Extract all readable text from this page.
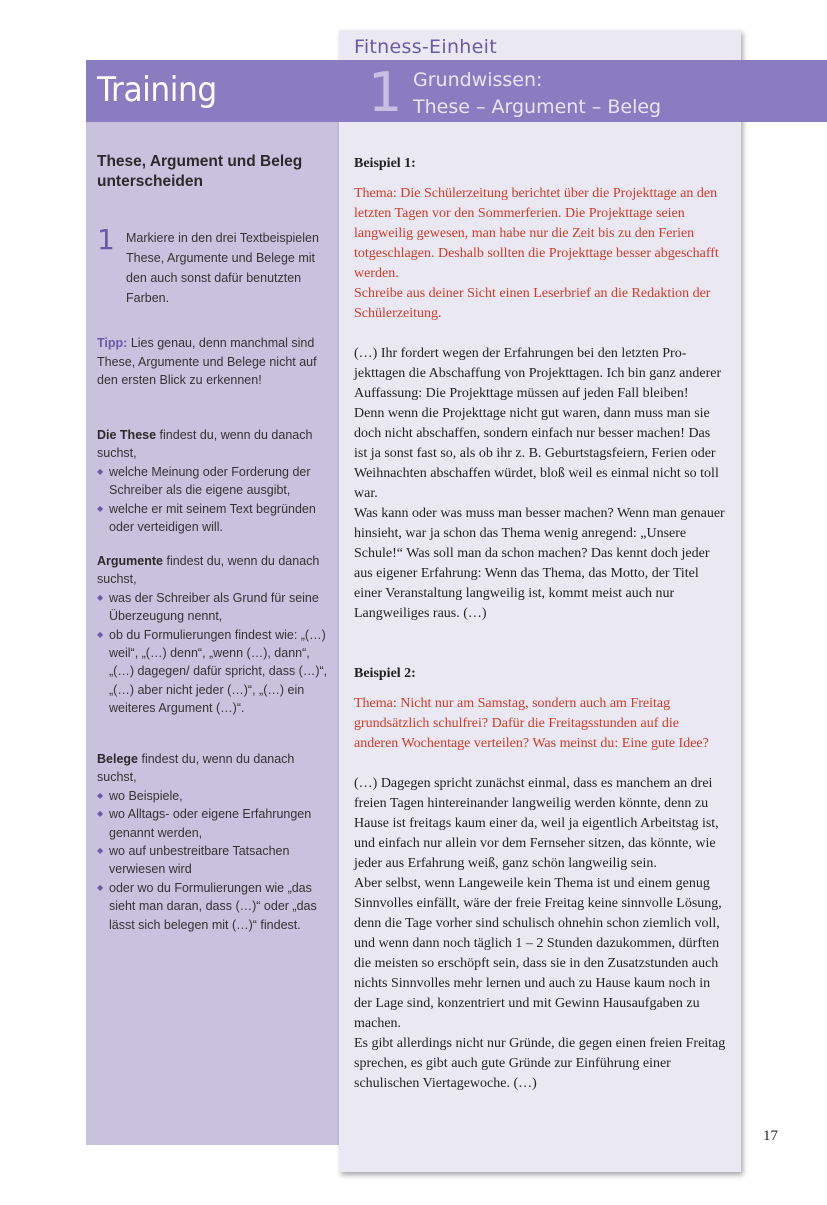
Fitness-Einheit
Training	1 Grundwissen:
These – Argument – Beleg
These, Argument und Beleg unterscheiden
1 Markiere in den drei Textbeispielen These, Argumente und Belege mit den auch sonst dafür benutzten Farben.
Tipp: Lies genau, denn manchmal sind These, Argumente und Belege nicht auf den ersten Blick zu erkennen!
Die These findest du, wenn du danach suchst,
◆ welche Meinung oder Forderung der Schreiber als die eigene ausgibt,
◆ welche er mit seinem Text begründen oder verteidigen will.
Argumente findest du, wenn du danach suchst,
◆ was der Schreiber als Grund für seine Überzeugung nennt,
◆ ob du Formulierungen findest wie: „(…) weil“, „(…) denn“, „wenn (…), dann“, „(…) dagegen/ dafür spricht, dass (…)“, „(…) aber nicht jeder (…)“, „(…) ein weiteres Argument (…)“.
Belege findest du, wenn du danach suchst,
◆ wo Beispiele,
◆ wo Alltags- oder eigene Erfahrungen genannt werden,
◆ wo auf unbestreitbare Tatsachen verwiesen wird
◆ oder wo du Formulierungen wie „das sieht man daran, dass (…)“ oder „das lässt sich belegen mit (…)“ findest.

Beispiel 1:

Thema: Die Schülerzeitung berichtet über die Projekttage an den letzten Tagen vor den Sommerferien. Die Projekttage seien langweilig gewesen, man habe nur die Zeit bis zu den Ferien totgeschlagen. Deshalb sollten die Projekttage besser abgeschafft werden.

Schreibe aus deiner Sicht einen Leserbrief an die Redaktion der Schülerzeitung.

(…) Ihr fordert wegen der Erfahrungen bei den letzten Projekttagen die Abschaffung von Projekttagen. Ich bin ganz anderer Auffassung: Die Projekttage müssen auf jeden Fall bleiben!

Denn wenn die Projekttage nicht gut waren, dann muss man sie doch nicht abschaffen, sondern einfach nur besser machen! Das ist ja sonst fast so, als ob ihr z. B. Geburtstagsfeiern, Ferien oder Weihnachten abschaffen würdet, bloß weil es einmal nicht so toll war.

Was kann oder was muss man besser machen? Wenn man genauer hinsieht, war ja schon das Thema wenig anregend: „Unsere Schule!“ Was soll man da schon machen? Das kennt doch jeder aus eigener Erfahrung: Wenn das Thema, das Motto, der Titel einer Veranstaltung langweilig ist, kommt meist auch nur Langweiliges raus. (…)

Beispiel 2:

Thema: Nicht nur am Samstag, sondern auch am Freitag grundsätzlich schulfrei? Dafür die Freitagsstunden auf die anderen Wochentage verteilen? Was meinst du: Eine gute Idee?

(…) Dagegen spricht zunächst einmal, dass es manchem an drei freien Tagen hintereinander langweilig werden könnte, denn zu Hause ist freitags kaum einer da, weil ja eigentlich Arbeitstag ist, und einfach nur allein vor dem Fernseher sitzen, das könnte, wie jeder aus Erfahrung weiß, ganz schön langweilig sein.

Aber selbst, wenn Langeweile kein Thema ist und einem genug Sinnvolles einfällt, wäre der freie Freitag keine sinnvolle Lösung, denn die Tage vorher sind schulisch ohnehin schon ziemlich voll, und wenn dann noch täglich 1 – 2 Stunden dazukommen, dürften die meisten so erschöpft sein, dass sie in den Zusatzstunden auch nichts Sinnvolles mehr lernen und auch zu Hause kaum noch in der Lage sind, konzentriert und mit Gewinn Hausaufgaben zu machen.

Es gibt allerdings nicht nur Gründe, die gegen einen freien Freitag sprechen, es gibt auch gute Gründe zur Einführung einer schulischen Viertagewoche. (…)

17
